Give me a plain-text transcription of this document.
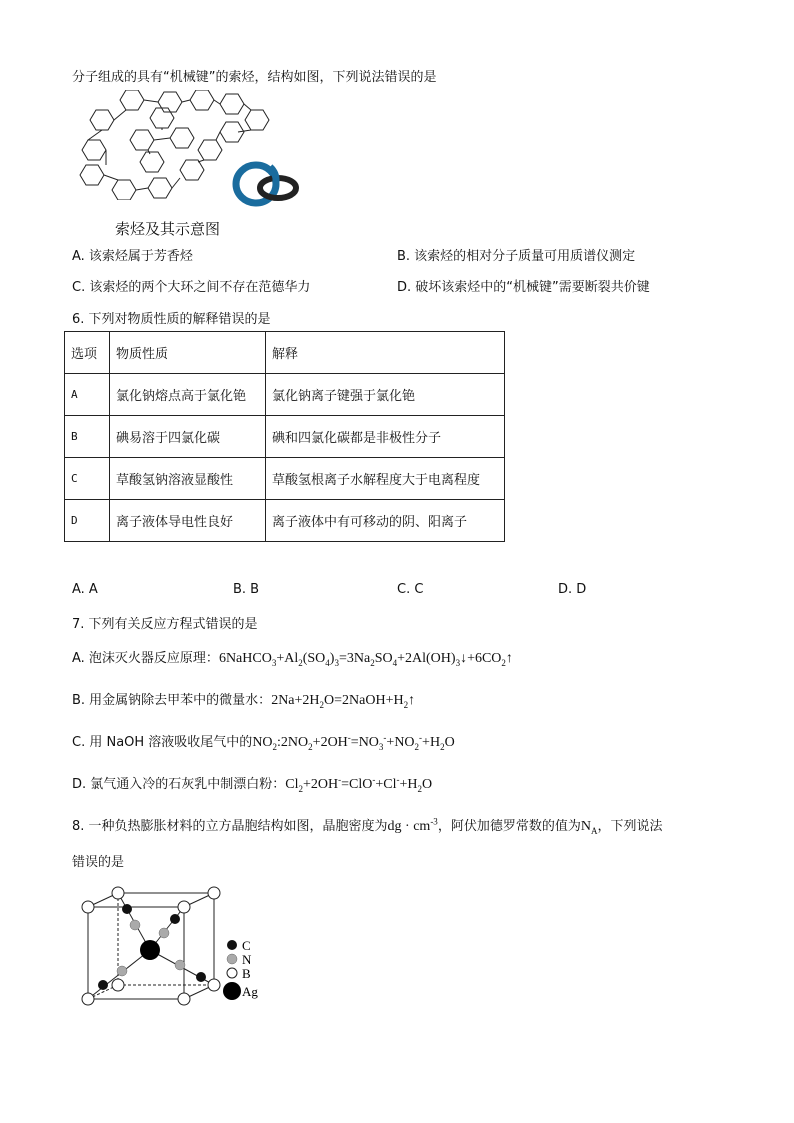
分子组成的具有“机械键”的索烃，结构如图，下列说法错误的是
索烃及其示意图
A. 该索烃属于芳香烃	B. 该索烃的相对分子质量可用质谱仪测定
C. 该索烃的两个大环之间不存在范德华力	D. 破坏该索烃中的“机械键”需要断裂共价键
6. 下列对物质性质的解释错误的是
选项	物质性质	解释
A	氯化钠熔点高于氯化铯	氯化钠离子键强于氯化铯
B	碘易溶于四氯化碳	碘和四氯化碳都是非极性分子
C	草酸氢钠溶液显酸性	草酸氢根离子水解程度大于电离程度
D	离子液体导电性良好	离子液体中有可移动的阴、阳离子
A. A	B. B	C. C	D. D
7. 下列有关反应方程式错误的是
A. 泡沫灭火器反应原理：$6NaHCO_3+Al_2(SO_4)_3=3Na_2SO_4+2Al(OH)_3↓+6CO_2↑$
B. 用金属钠除去甲苯中的微量水：$2Na+2H_2O=2NaOH+H_2↑$
C. 用 NaOH 溶液吸收尾气中的$NO_2:2NO_2+2OH^-=NO_3^-+NO_2^-+H_2O$
D. 氯气通入冷的石灰乳中制漂白粉：$Cl_2+2OH^-=ClO^-+Cl^-+H_2O$
8. 一种负热膨胀材料的立方晶胞结构如图，晶胞密度为dg · $cm^{-3}$，阿伏加德罗常数的值为$N_A$，下列说法
错误的是
C
N
B
Ag
